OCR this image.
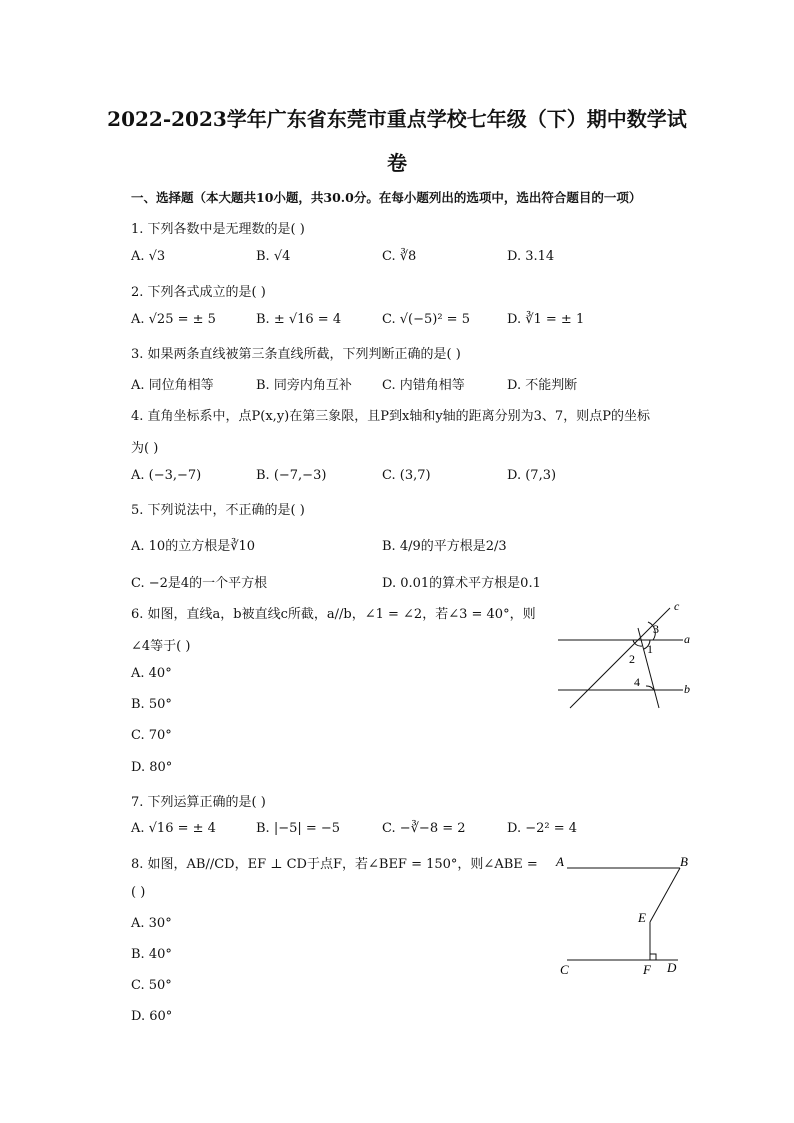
2022-2023学年广东省东莞市重点学校七年级（下）期中数学试
卷
一、选择题（本大题共10小题，共30.0分。在每小题列出的选项中，选出符合题目的一项）
1. 下列各数中是无理数的是( )
A. √3	B. √4	C. ∛8	D. 3.14
2. 下列各式成立的是( )
A. √25 = ± 5	B. ± √16 = 4	C. √(−5)² = 5	D. ∛1 = ± 1
3. 如果两条直线被第三条直线所截，下列判断正确的是( )
A. 同位角相等	B. 同旁内角互补 C. 内错角相等	D. 不能判断
4. 直角坐标系中，点P(x,y)在第三象限，且P到x轴和y轴的距离分别为3、7，则点P的坐标
为( )
A. (−3,−7)	B. (−7,−3)	C. (3,7)	D. (7,3)
5. 下列说法中，不正确的是( )
A. 10的立方根是∛10	B. 4/9的平方根是2/3
C. −2是4的一个平方根	D. 0.01的算术平方根是0.1
6. 如图，直线a，b被直线c所截，a//b，∠1 = ∠2，若∠3 = 40°，则
∠4等于( )
A. 40°
B. 50°
C. 70°
D. 80°
c
a
b
3
1
2
4
7. 下列运算正确的是( )
A. √16 = ± 4	B. |−5| = −5	C. −∛−8 = 2	D. −2² = 4
8. 如图，AB//CD，EF ⊥ CD于点F，若∠BEF = 150°，则∠ABE =
( )
A. 30°
B. 40°
C. 50°
D. 60°
A	B
E
C	F D
